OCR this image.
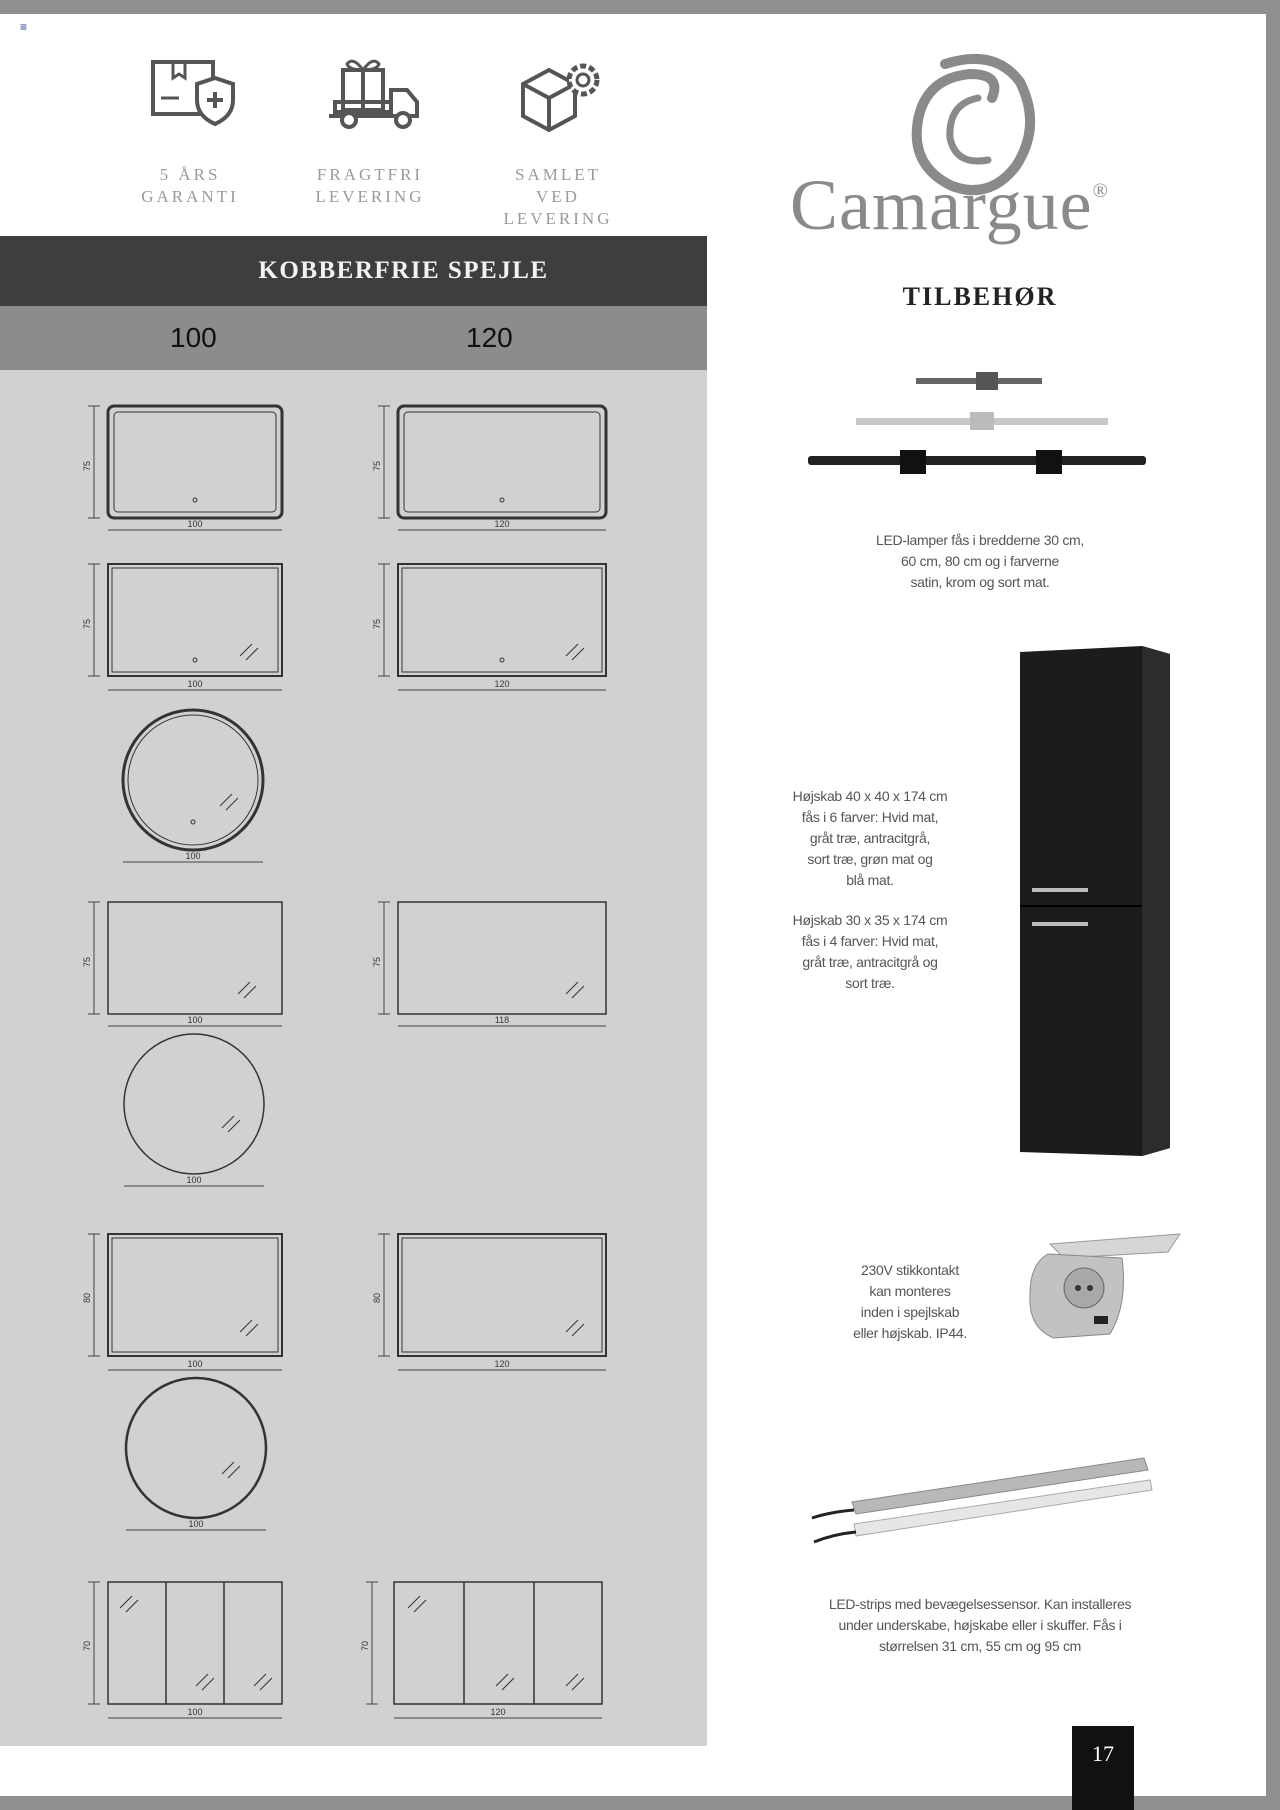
≡
5 ÅRS
GARANTI
FRAGTFRI
LEVERING
SAMLET
VED LEVERING
KOBBERFRIE SPEJLE
100	120
75	75
100	120
75	75
100	120
100
75	75
100	118
100
80	80
100	120
100
70	70
100	120
Camargue®
TILBEHØR
LED-lamper fås i bredderne 30 cm,
60 cm, 80 cm og i farverne
satin, krom og sort mat.
Højskab 40 x 40 x 174 cm
fås i 6 farver: Hvid mat,
gråt træ, antracitgrå,
sort træ, grøn mat og
blå mat.
Højskab 30 x 35 x 174 cm
fås i 4 farver: Hvid mat,
gråt træ, antracitgrå og
sort træ.
230V stikkontakt
kan monteres
inden i spejlskab
eller højskab. IP44.
LED-strips med bevægelsessensor. Kan installeres
under underskabe, højskabe eller i skuffer. Fås i
størrelsen 31 cm, 55 cm og 95 cm
17
